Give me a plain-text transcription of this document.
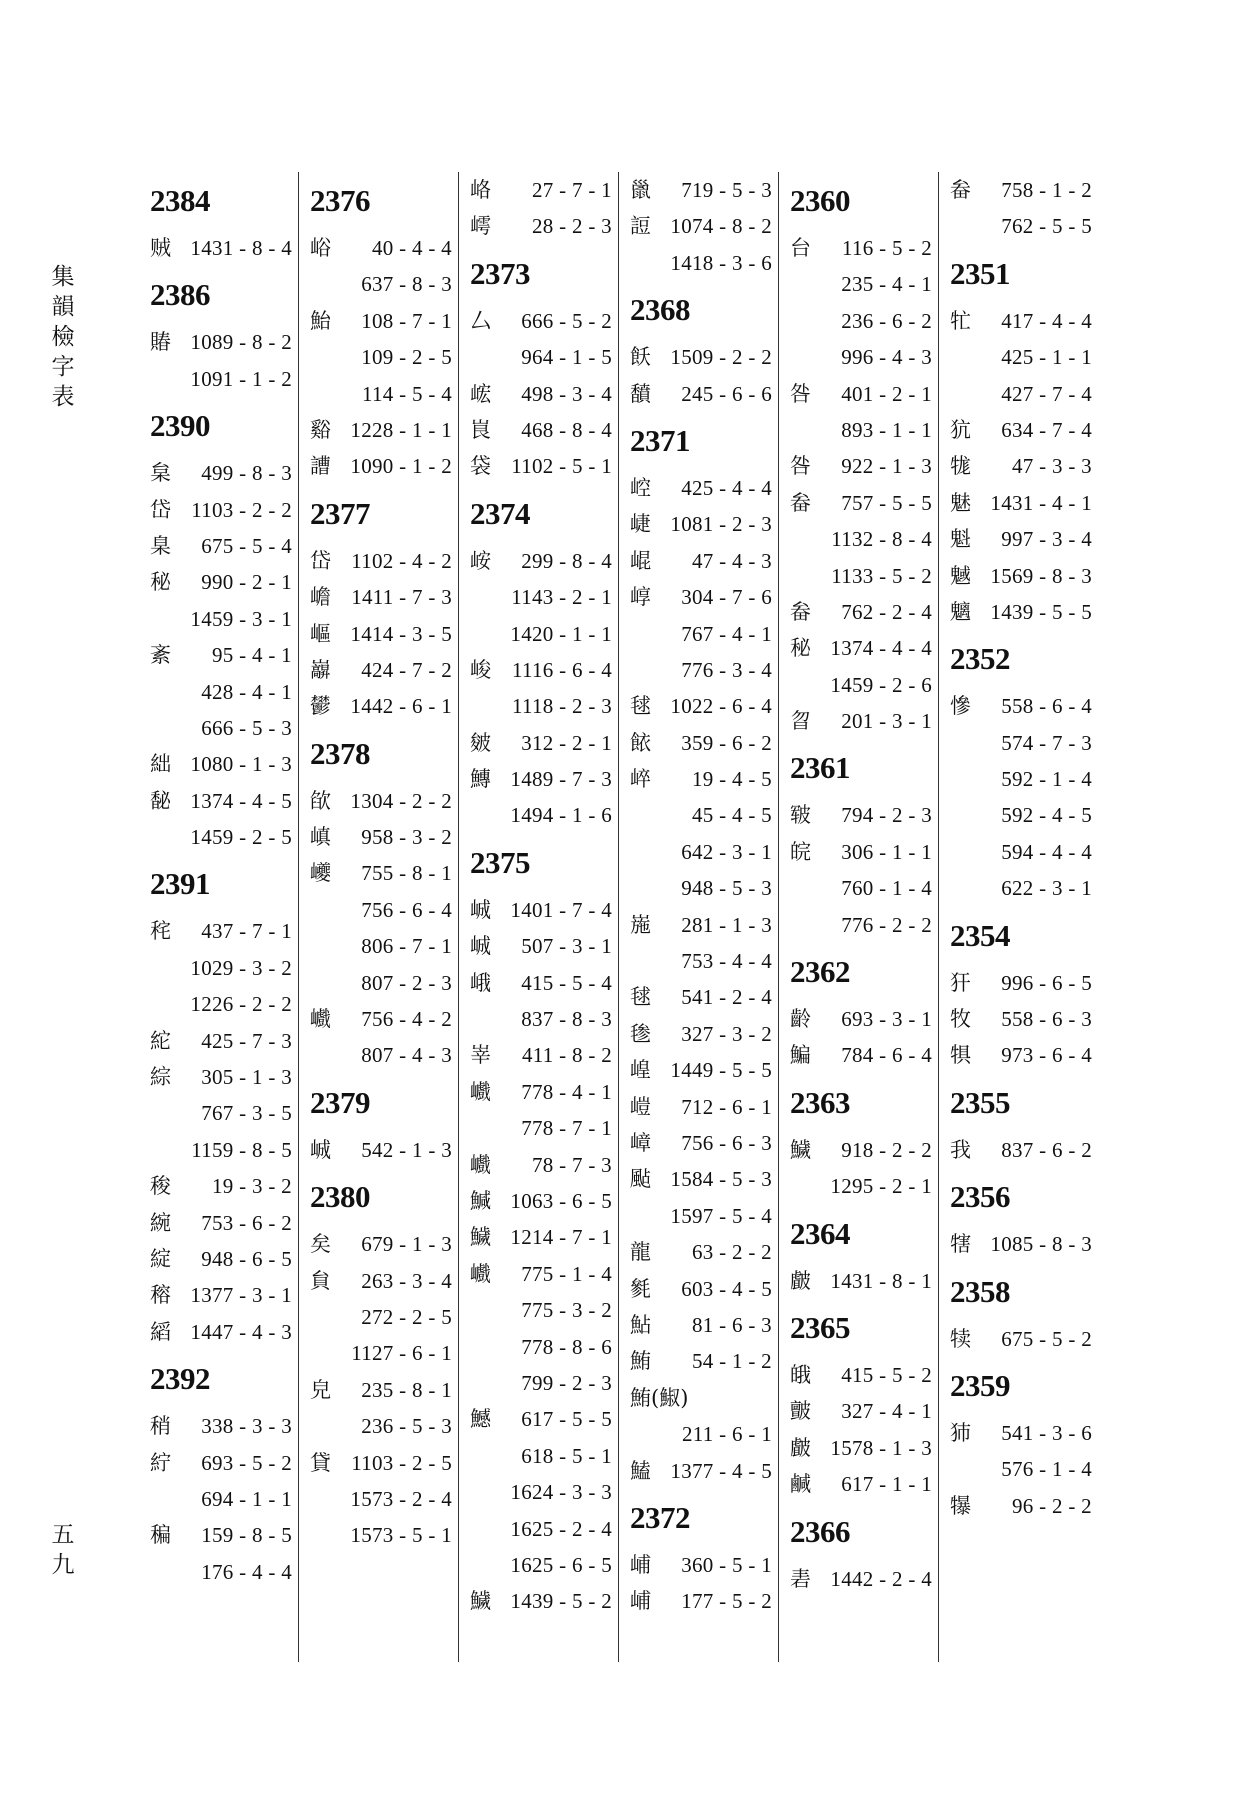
集韻檢字表
五九
2384
贼 1431 - 8 - 4
2386
賰 1089 - 8 - 2
1091 - 1 - 2
2390
枲 499 - 8 - 3
岱 1103 - 2 - 2
臬 675 - 5 - 4
秘 990 - 2 - 1
1459 - 3 - 1
紊 95 - 4 - 1
428 - 4 - 1
666 - 5 - 3
絀 1080 - 1 - 3
馝 1374 - 4 - 5
1459 - 2 - 5
2391
秺 437 - 7 - 1
1029 - 3 - 2
1226 - 2 - 2
紽 425 - 7 - 3
綜 305 - 1 - 3
767 - 3 - 5
1159 - 8 - 5
稄 19 - 3 - 2
綩 753 - 6 - 2
綻 948 - 6 - 5
穃 1377 - 3 - 1
縚 1447 - 4 - 3
2392
稍 338 - 3 - 3
紵 693 - 5 - 2
694 - 1 - 1
稨 159 - 8 - 5
176 - 4 - 4
2376
峪 40 - 4 - 4
637 - 8 - 3
鮐 108 - 7 - 1
109 - 2 - 5
114 - 5 - 4
谿 1228 - 1 - 1
䜊 1090 - 1 - 2
2377
岱 1102 - 4 - 2
嶦 1411 - 7 - 3
嶇 1414 - 3 - 5
巐 424 - 7 - 2
鬰 1442 - 6 - 1
2378
欿 1304 - 2 - 2
嵮 958 - 3 - 2
巙 755 - 8 - 1
756 - 6 - 4
806 - 7 - 1
807 - 2 - 3
巇 756 - 4 - 2
807 - 4 - 3
2379
峸 542 - 1 - 3
2380
矣 679 - 1 - 3
貟 263 - 3 - 4
272 - 2 - 5
1127 - 6 - 1
皃 235 - 8 - 1
236 - 5 - 3
貸 1103 - 2 - 5
1573 - 2 - 4
1573 - 5 - 1
峈 27 - 7 - 1
嶀 28 - 2 - 3
2373
厶 666 - 5 - 2
964 - 1 - 5
峵 498 - 3 - 4
峎 468 - 8 - 4
袋 1102 - 5 - 1
2374
峖 299 - 8 - 4
1143 - 2 - 1
1420 - 1 - 1
峻 1116 - 6 - 4
1118 - 2 - 3
皴 312 - 2 - 1
鱄 1489 - 7 - 3
1494 - 1 - 6
2375
峸 1401 - 7 - 4
峸 507 - 3 - 1
峨 415 - 5 - 4
837 - 8 - 3
峷 411 - 8 - 2
巇 778 - 4 - 1
778 - 7 - 1
巇 78 - 7 - 3
鰔 1063 - 6 - 5
鱥 1214 - 7 - 1
巇 775 - 1 - 4
775 - 3 - 2
778 - 8 - 6
799 - 2 - 3
鱤 617 - 5 - 5
618 - 5 - 1
1624 - 3 - 3
1625 - 2 - 4
1625 - 6 - 5
鱥 1439 - 5 - 2
巤 719 - 5 - 3
䛠 1074 - 8 - 2
1418 - 3 - 6
2368
飫 1509 - 2 - 2
馩 245 - 6 - 6
2371
崆 425 - 4 - 4
崨 1081 - 2 - 3
崐 47 - 4 - 3
崞 304 - 7 - 6
767 - 4 - 1
776 - 3 - 4
毬 1022 - 6 - 4
餏 359 - 6 - 2
崪 19 - 4 - 5
45 - 4 - 5
642 - 3 - 1
948 - 5 - 3
崺 281 - 1 - 3
753 - 4 - 4
毬 541 - 2 - 4
毶 327 - 3 - 2
崲 1449 - 5 - 5
嵦 712 - 6 - 1
嶂 756 - 6 - 3
颭 1584 - 5 - 3
1597 - 5 - 4
龍 63 - 2 - 2
毿 603 - 4 - 5
鮎 81 - 6 - 3
鮪 54 - 1 - 2
鮪(䱙)
211 - 6 - 1
鰪 1377 - 4 - 5
2372
峬 360 - 5 - 1
峬 177 - 5 - 2
2360
台 116 - 5 - 2
235 - 4 - 1
236 - 6 - 2
996 - 4 - 3
咎 401 - 2 - 1
893 - 1 - 1
咎 922 - 1 - 3
畚 757 - 5 - 5
1132 - 8 - 4
1133 - 5 - 2
畚 762 - 2 - 4
秘 1374 - 4 - 4
1459 - 2 - 6
曶 201 - 3 - 1
2361
皲 794 - 2 - 3
皖 306 - 1 - 1
760 - 1 - 4
776 - 2 - 2
2362
齡 693 - 3 - 1
鯿 784 - 6 - 4
2363
鱥 918 - 2 - 2
1295 - 2 - 1
2364
皻 1431 - 8 - 1
2365
皒 415 - 5 - 2
皽 327 - 4 - 1
皻 1578 - 1 - 3
鹹 617 - 1 - 1
2366
砉 1442 - 2 - 4
畚 758 - 1 - 2
762 - 5 - 5
2351
牤 417 - 4 - 4
425 - 1 - 1
427 - 7 - 4
犺 634 - 7 - 4
牻 47 - 3 - 3
魅 1431 - 4 - 1
魁 997 - 3 - 4
魊 1569 - 8 - 3
魑 1439 - 5 - 5
2352
慘 558 - 6 - 4
574 - 7 - 3
592 - 1 - 4
592 - 4 - 5
594 - 4 - 4
622 - 3 - 1
2354
犴 996 - 6 - 5
牧 558 - 6 - 3
犋 973 - 6 - 4
2355
我 837 - 6 - 2
2356
犗 1085 - 8 - 3
2358
犊 675 - 5 - 2
2359
犻 541 - 3 - 6
576 - 1 - 4
犦 96 - 2 - 2
